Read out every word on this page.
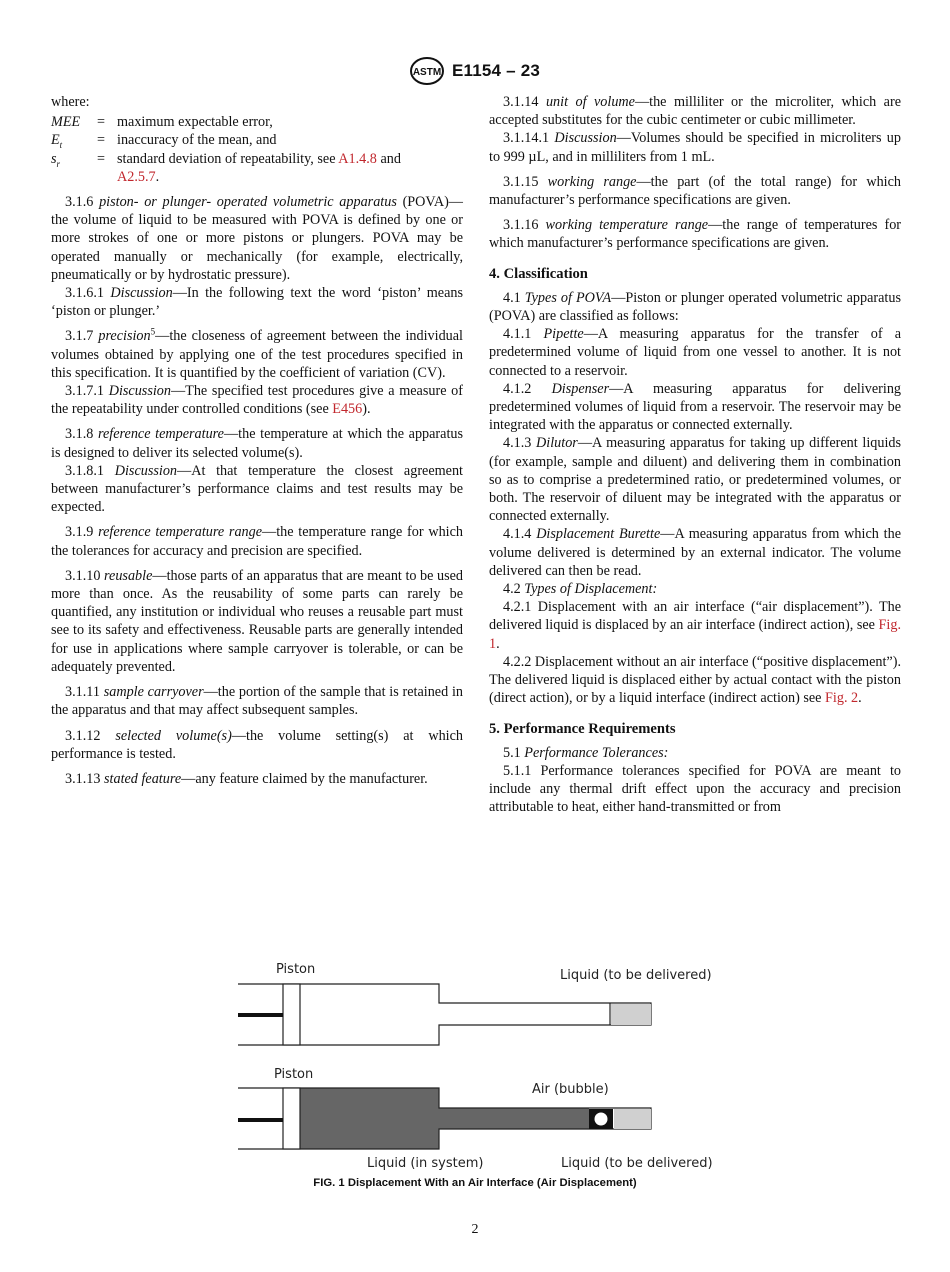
ASTM E1154 – 23

where:

MEE	= maximum expectable error,
$E_t$	= inaccuracy of the mean, and
$s_r$	= standard deviation of repeatability, see A1.4.8 and
A2.5.7.

3.1.6 piston- or plunger- operated volumetric apparatus (POVA)—the volume of liquid to be measured with POVA is defined by one or more strokes of one or more pistons or plungers. POVA may be operated manually or mechanically (for example, electrically, pneumatically or by hydrostatic pressure).

3.1.6.1 Discussion—In the following text the word ‘piston’ means ‘piston or plunger.’

3.1.7 precision$^5$—the closeness of agreement between the individual volumes obtained by applying one of the test procedures specified in this specification. It is quantified by the coefficient of variation (CV).

3.1.7.1 Discussion—The specified test procedures give a measure of the repeatability under controlled conditions (see E456).

3.1.8 reference temperature—the temperature at which the apparatus is designed to deliver its selected volume(s).

3.1.8.1 Discussion—At that temperature the closest agreement between manufacturer’s performance claims and test results may be expected.

3.1.9 reference temperature range—the temperature range for which the tolerances for accuracy and precision are specified.

3.1.10 reusable—those parts of an apparatus that are meant to be used more than once. As the reusability of some parts can rarely be quantified, any institution or individual who reuses a reusable part must see to its safety and effectiveness. Reusable parts are generally intended for use in applications where sample carryover is tolerable, or can be adequately prevented.

3.1.11 sample carryover—the portion of the sample that is retained in the apparatus and that may affect subsequent samples.

3.1.12 selected volume(s)—the volume setting(s) at which performance is tested.

3.1.13 stated feature—any feature claimed by the manufacturer.

3.1.14 unit of volume—the milliliter or the microliter, which are accepted substitutes for the cubic centimeter or cubic millimeter.

3.1.14.1 Discussion—Volumes should be specified in microliters up to 999 µL, and in milliliters from 1 mL.

3.1.15 working range—the part (of the total range) for which manufacturer’s performance specifications are given.

3.1.16 working temperature range—the range of temperatures for which manufacturer’s performance specifications are given.

4. Classification

4.1 Types of POVA—Piston or plunger operated volumetric apparatus (POVA) are classified as follows:

4.1.1 Pipette—A measuring apparatus for the transfer of a predetermined volume of liquid from one vessel to another. It is not connected to a reservoir.

4.1.2 Dispenser—A measuring apparatus for delivering predetermined volumes of liquid from a reservoir. The reservoir may be integrated with the apparatus or connected externally.

4.1.3 Dilutor—A measuring apparatus for taking up different liquids (for example, sample and diluent) and delivering them in combination so as to comprise a predetermined ratio, or predetermined volumes, or both. The reservoir of diluent may be integrated with the apparatus or connected externally.

4.1.4 Displacement Burette—A measuring apparatus from which the volume delivered is determined by an external indicator. The volume delivered can then be read.

4.2 Types of Displacement:

4.2.1 Displacement with an air interface (“air displacement”). The delivered liquid is displaced by an air interface (indirect action), see Fig. 1.

4.2.2 Displacement without an air interface (“positive displacement”). The delivered liquid is displaced either by actual contact with the piston (direct action), or by a liquid interface (indirect action) see Fig. 2.

5. Performance Requirements

5.1 Performance Tolerances:

5.1.1 Performance tolerances specified for POVA are meant to include any thermal drift effect upon the accuracy and precision attributable to heat, either hand-transmitted or from

Piston	Liquid (to be delivered)
Piston
Air (bubble)
Liquid (in system)	Liquid (to be delivered)
FIG. 1 Displacement With an Air Interface (Air Displacement)
2
